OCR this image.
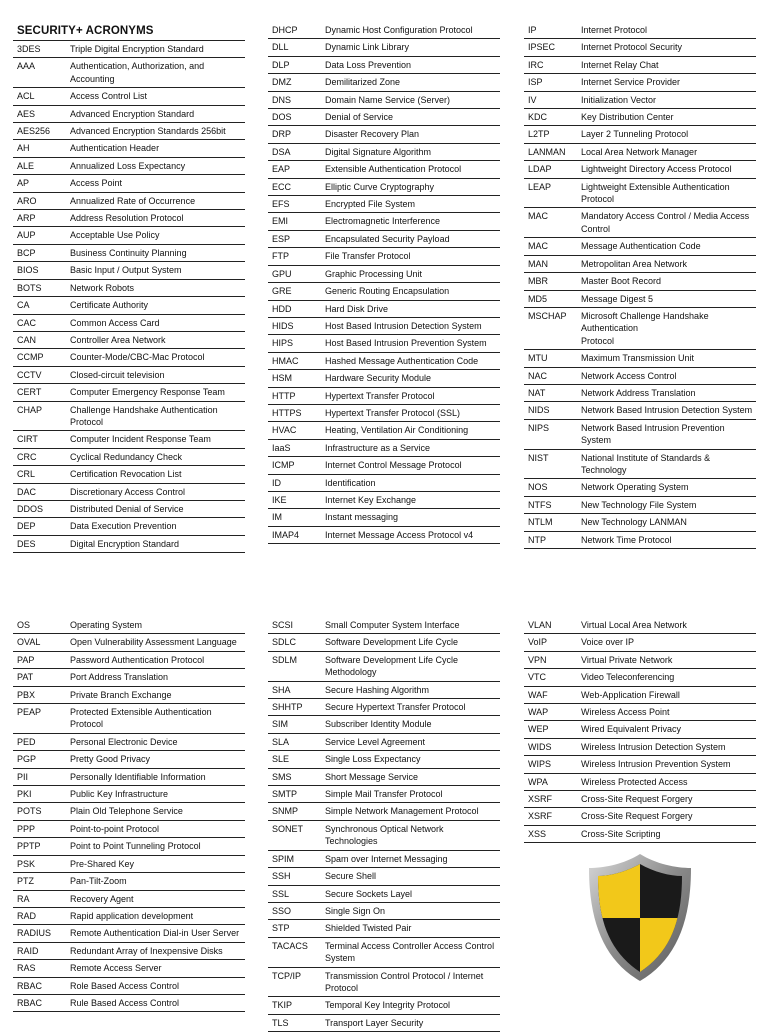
SECURITY+ ACRONYMS
3DES	Triple Digital Encryption Standard
AAA	Authentication, Authorization, and Accounting
ACL	Access Control List
AES	Advanced Encryption Standard
AES256	Advanced Encryption Standards 256bit
AH	Authentication Header
ALE	Annualized Loss Expectancy
AP	Access Point
ARO	Annualized Rate of Occurrence
ARP	Address Resolution Protocol
AUP	Acceptable Use Policy
BCP	Business Continuity Planning
BIOS	Basic Input / Output System
BOTS	Network Robots
CA	Certificate Authority
CAC	Common Access Card
CAN	Controller Area Network
CCMP	Counter-Mode/CBC-Mac Protocol
CCTV	Closed-circuit television
CERT	Computer Emergency Response Team
CHAP	Challenge Handshake Authentication Protocol
CIRT	Computer Incident Response Team
CRC	Cyclical Redundancy Check
CRL	Certification Revocation List
DAC	Discretionary Access Control
DDOS	Distributed Denial of Service
DEP	Data Execution Prevention
DES	Digital Encryption Standard
DHCP	Dynamic Host Configuration Protocol
DLL	Dynamic Link Library
DLP	Data Loss Prevention
DMZ	Demilitarized Zone
DNS	Domain Name Service (Server)
DOS	Denial of Service
DRP	Disaster Recovery Plan
DSA	Digital Signature Algorithm
EAP	Extensible Authentication Protocol
ECC	Elliptic Curve Cryptography
EFS	Encrypted File System
EMI	Electromagnetic Interference
ESP	Encapsulated Security Payload
FTP	File Transfer Protocol
GPU	Graphic Processing Unit
GRE	Generic Routing Encapsulation
HDD	Hard Disk Drive
HIDS	Host Based Intrusion Detection System
HIPS	Host Based Intrusion Prevention System
HMAC	Hashed Message Authentication Code
HSM	Hardware Security Module
HTTP	Hypertext Transfer Protocol
HTTPS	Hypertext Transfer Protocol (SSL)
HVAC	Heating, Ventilation Air Conditioning
IaaS	Infrastructure as a Service
ICMP	Internet Control Message Protocol
ID	Identification
IKE	Internet Key Exchange
IM	Instant messaging
IMAP4	Internet Message Access Protocol v4
IP	Internet Protocol
IPSEC	Internet Protocol Security
IRC	Internet Relay Chat
ISP	Internet Service Provider
IV	Initialization Vector
KDC	Key Distribution Center
L2TP	Layer 2 Tunneling Protocol
LANMAN	Local Area Network Manager
LDAP	Lightweight Directory Access Protocol
LEAP	Lightweight Extensible Authentication Protocol
MAC	Mandatory Access Control / Media Access Control
MAC	Message Authentication Code
MAN	Metropolitan Area Network
MBR	Master Boot Record
MD5	Message Digest 5
MSCHAP	Microsoft Challenge Handshake Authentication
Protocol
MTU	Maximum Transmission Unit
NAC	Network Access Control
NAT	Network Address Translation
NIDS	Network Based Intrusion Detection System
NIPS	Network Based Intrusion Prevention System
NIST	National Institute of Standards & Technology
NOS	Network Operating System
NTFS	New Technology File System
NTLM	New Technology LANMAN
NTP	Network Time Protocol
OS	Operating System
OVAL	Open Vulnerability Assessment Language
PAP	Password Authentication Protocol
PAT	Port Address Translation
PBX	Private Branch Exchange
PEAP	Protected Extensible Authentication Protocol
PED	Personal Electronic Device
PGP	Pretty Good Privacy
PII	Personally Identifiable Information
PKI	Public Key Infrastructure
POTS	Plain Old Telephone Service
PPP	Point-to-point Protocol
PPTP	Point to Point Tunneling Protocol
PSK	Pre-Shared Key
PTZ	Pan-Tilt-Zoom
RA	Recovery Agent
RAD	Rapid application development
RADIUS	Remote Authentication Dial-in User Server
RAID	Redundant Array of Inexpensive Disks
RAS	Remote Access Server
RBAC	Role Based Access Control
RBAC	Rule Based Access Control
SCSI	Small Computer System Interface
SDLC	Software Development Life Cycle
SDLM	Software Development Life Cycle Methodology
SHA	Secure Hashing Algorithm
SHHTP	Secure Hypertext Transfer Protocol
SIM	Subscriber Identity Module
SLA	Service Level Agreement
SLE	Single Loss Expectancy
SMS	Short Message Service
SMTP	Simple Mail Transfer Protocol
SNMP	Simple Network Management Protocol
SONET	Synchronous Optical Network Technologies
SPIM	Spam over Internet Messaging
SSH	Secure Shell
SSL	Secure Sockets Layel
SSO	Single Sign On
STP	Shielded Twisted Pair
TACACS	Terminal Access Controller Access Control System
TCP/IP	Transmission Control Protocol / Internet Protocol
TKIP	Temporal Key Integrity Protocol
TLS	Transport Layer Security
VLAN	Virtual Local Area Network
VoIP	Voice over IP
VPN	Virtual Private Network
VTC	Video Teleconferencing
WAF	Web-Application Firewall
WAP	Wireless Access Point
WEP	Wired Equivalent Privacy
WIDS	Wireless Intrusion Detection System
WIPS	Wireless Intrusion Prevention System
WPA	Wireless Protected Access
XSRF	Cross-Site Request Forgery
XSRF	Cross-Site Request Forgery
XSS	Cross-Site Scripting
